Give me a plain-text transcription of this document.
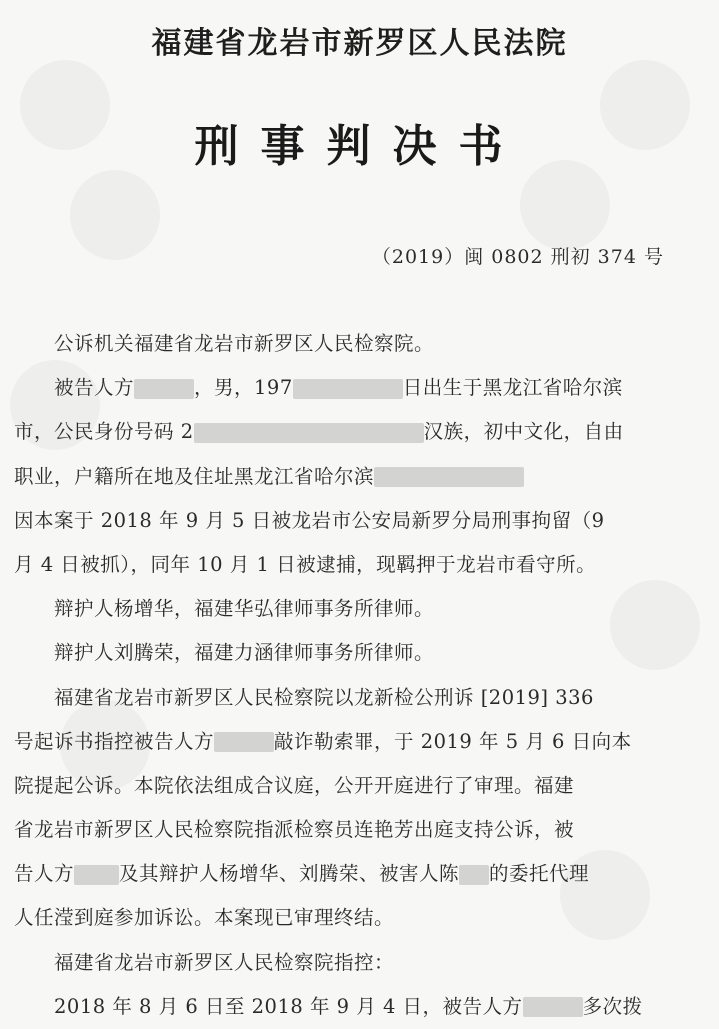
福建省龙岩市新罗区人民法院
刑事判决书
（2019）闽 0802 刑初 374 号
公诉机关福建省龙岩市新罗区人民检察院。
被告人方	，男，197	日出生于黑龙江省哈尔滨
市，公民身份号码 2	汉族，初中文化，自由
职业，户籍所在地及住址黑龙江省哈尔滨
因本案于 2018 年 9 月 5 日被龙岩市公安局新罗分局刑事拘留（9
月 4 日被抓），同年 10 月 1 日被逮捕，现羁押于龙岩市看守所。
辩护人杨增华，福建华弘律师事务所律师。
辩护人刘腾荣，福建力涵律师事务所律师。
福建省龙岩市新罗区人民检察院以龙新检公刑诉 [2019] 336
号起诉书指控被告人方	敲诈勒索罪，于 2019 年 5 月 6 日向本
院提起公诉。本院依法组成合议庭，公开开庭进行了审理。福建
省龙岩市新罗区人民检察院指派检察员连艳芳出庭支持公诉，被
告人方 及其辩护人杨增华、刘腾荣、被害人陈 的委托代理
人任滢到庭参加诉讼。本案现已审理终结。
福建省龙岩市新罗区人民检察院指控：
2018 年 8 月 6 日至 2018 年 9 月 4 日，被告人方	多次拨
